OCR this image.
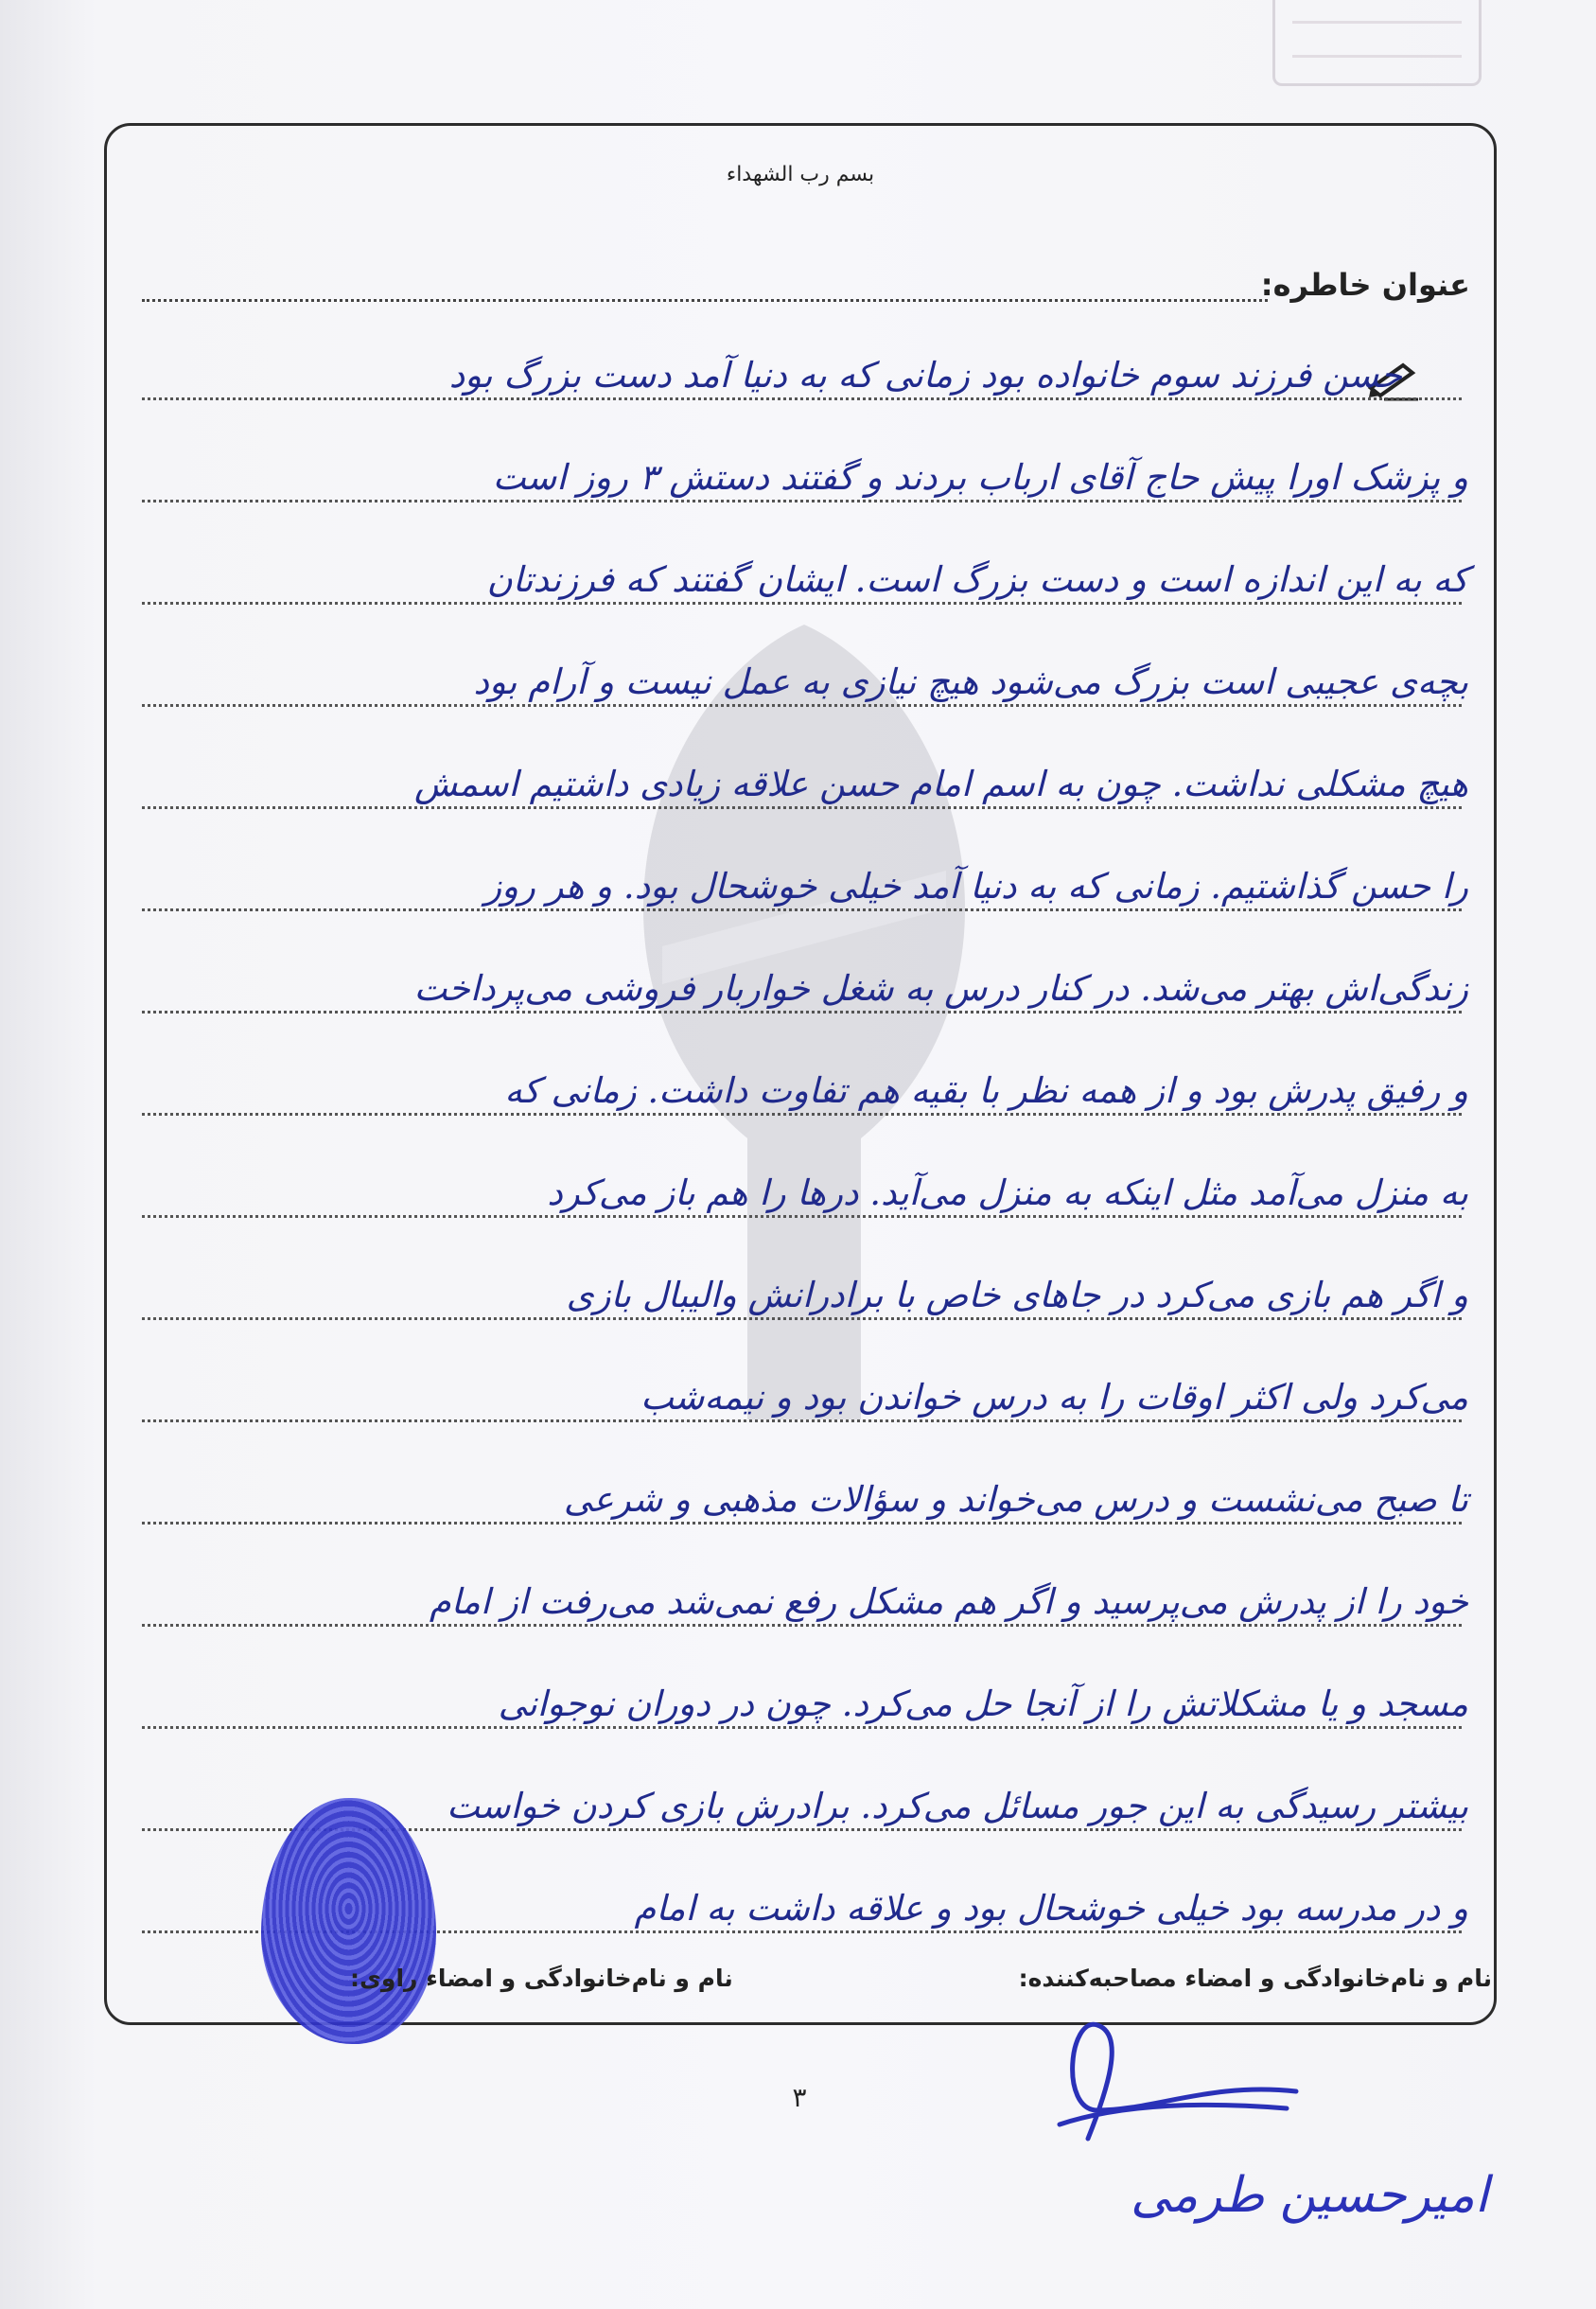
بسم رب الشهداء
عنوان خاطره:
حسن فرزند سوم خانواده بود زمانی که به دنیا آمد دست بزرگ بود
و پزشک اورا پیش حاج آقای ارباب بردند و گفتند دستش ۳ روز است
که به این اندازه است و دست بزرگ است. ایشان گفتند که فرزندتان
بچه‌ی عجیبی است بزرگ می‌شود هیچ نیازی به عمل نیست و آرام بود
هیچ مشکلی نداشت. چون به اسم امام حسن علاقه زیادی داشتیم اسمش
را حسن گذاشتیم. زمانی که به دنیا آمد خیلی خوشحال بود. و هر روز
زندگی‌اش بهتر می‌شد. در کنار درس به شغل خواربار فروشی می‌پرداخت
و رفیق پدرش بود و از همه نظر با بقیه هم تفاوت داشت. زمانی که
به منزل می‌آمد مثل اینکه به منزل می‌آید. درها را هم باز می‌کرد
و اگر هم بازی می‌کرد در جاهای خاص با برادرانش والیبال بازی
می‌کرد ولی اکثر اوقات را به درس خواندن بود و نیمه‌شب
تا صبح می‌نشست و درس می‌خواند و سؤالات مذهبی و شرعی
خود را از پدرش می‌پرسید و اگر هم مشکل رفع نمی‌شد می‌رفت از امام
مسجد و یا مشکلاتش را از آنجا حل می‌کرد. چون در دوران نوجوانی
بیشتر رسیدگی به این جور مسائل می‌کرد. برادرش بازی کردن خواست
و در مدرسه بود خیلی خوشحال بود و علاقه داشت به امام
نام و نام‌خانوادگی و امضاء مصاحبه‌کننده:
نام و نام‌خانوادگی و امضاء راوی:
۳
امیرحسین طرمی
